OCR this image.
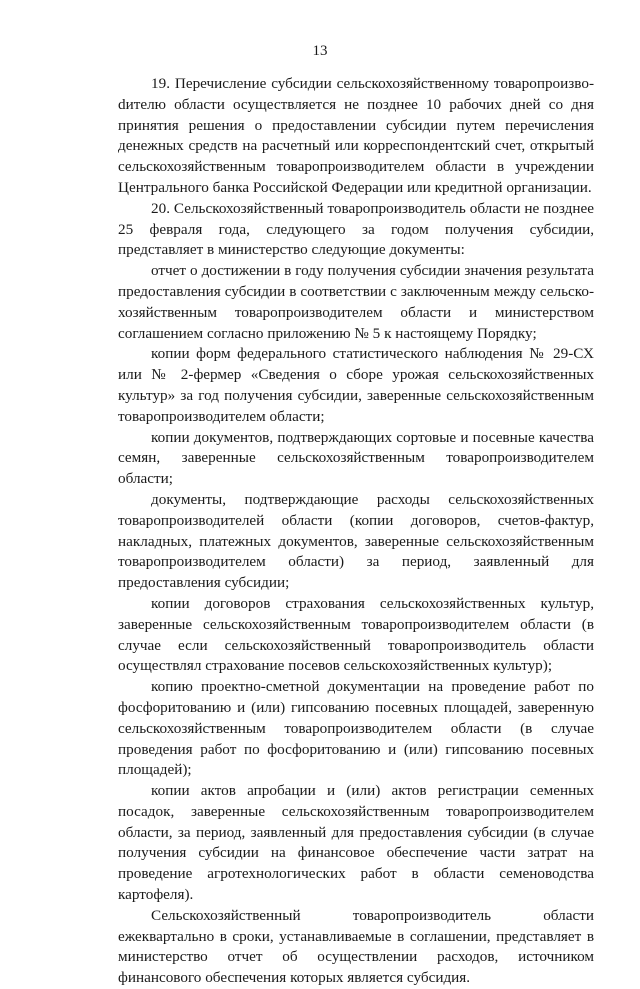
13

19. Перечисление субсидии сельскохозяйственному товаропроизвоdителю области осуществляется не позднее 10 рабочих дней со дня принятия решения о предоставлении субсидии путем перечисления денежных средств на расчетный или корреспондентский счет, открытый сельскохозяйственным товаропроизводителем области в учреждении Центрального банка Российской Федерации или кредитной организации.

20. Сельскохозяйственный товаропроизводитель области не позднее 25 февраля года, следующего за годом получения субсидии, представляет в министерство следующие документы:

отчет о достижении в году получения субсидии значения результата предоставления субсидии в соответствии с заключенным между сельскохозяйственным товаропроизводителем области и министерством соглашением согласно приложению № 5 к настоящему Порядку;

копии форм федерального статистического наблюдения № 29-СХ или № 2-фермер «Сведения о сборе урожая сельскохозяйственных культур» за год получения субсидии, заверенные сельскохозяйственным товаропроизводителем области;

копии документов, подтверждающих сортовые и посевные качества семян, заверенные сельскохозяйственным товаропроизводителем области;

документы, подтверждающие расходы сельскохозяйственных товаропроизводителей области (копии договоров, счетов-фактур, накладных, платежных документов, заверенные сельскохозяйственным товаропроизводителем области) за период, заявленный для предоставления субсидии;

копии договоров страхования сельскохозяйственных культур, заверенные сельскохозяйственным товаропроизводителем области (в случае если сельскохозяйственный товаропроизводитель области осуществлял страхование посевов сельскохозяйственных культур);

копию проектно-сметной документации на проведение работ по фосфоритованию и (или) гипсованию посевных площадей, заверенную сельскохозяйственным товаропроизводителем области (в случае проведения работ по фосфоритованию и (или) гипсованию посевных площадей);

копии актов апробации и (или) актов регистрации семенных посадок, заверенные сельскохозяйственным товаропроизводителем области, за период, заявленный для предоставления субсидии (в случае получения субсидии на финансовое обеспечение части затрат на проведение агротехнологических работ в области семеноводства картофеля).

Сельскохозяйственный товаропроизводитель области ежеквартально в сроки, устанавливаемые в соглашении, представляет в министерство отчет об осуществлении расходов, источником финансового обеспечения которых является субсидия.
